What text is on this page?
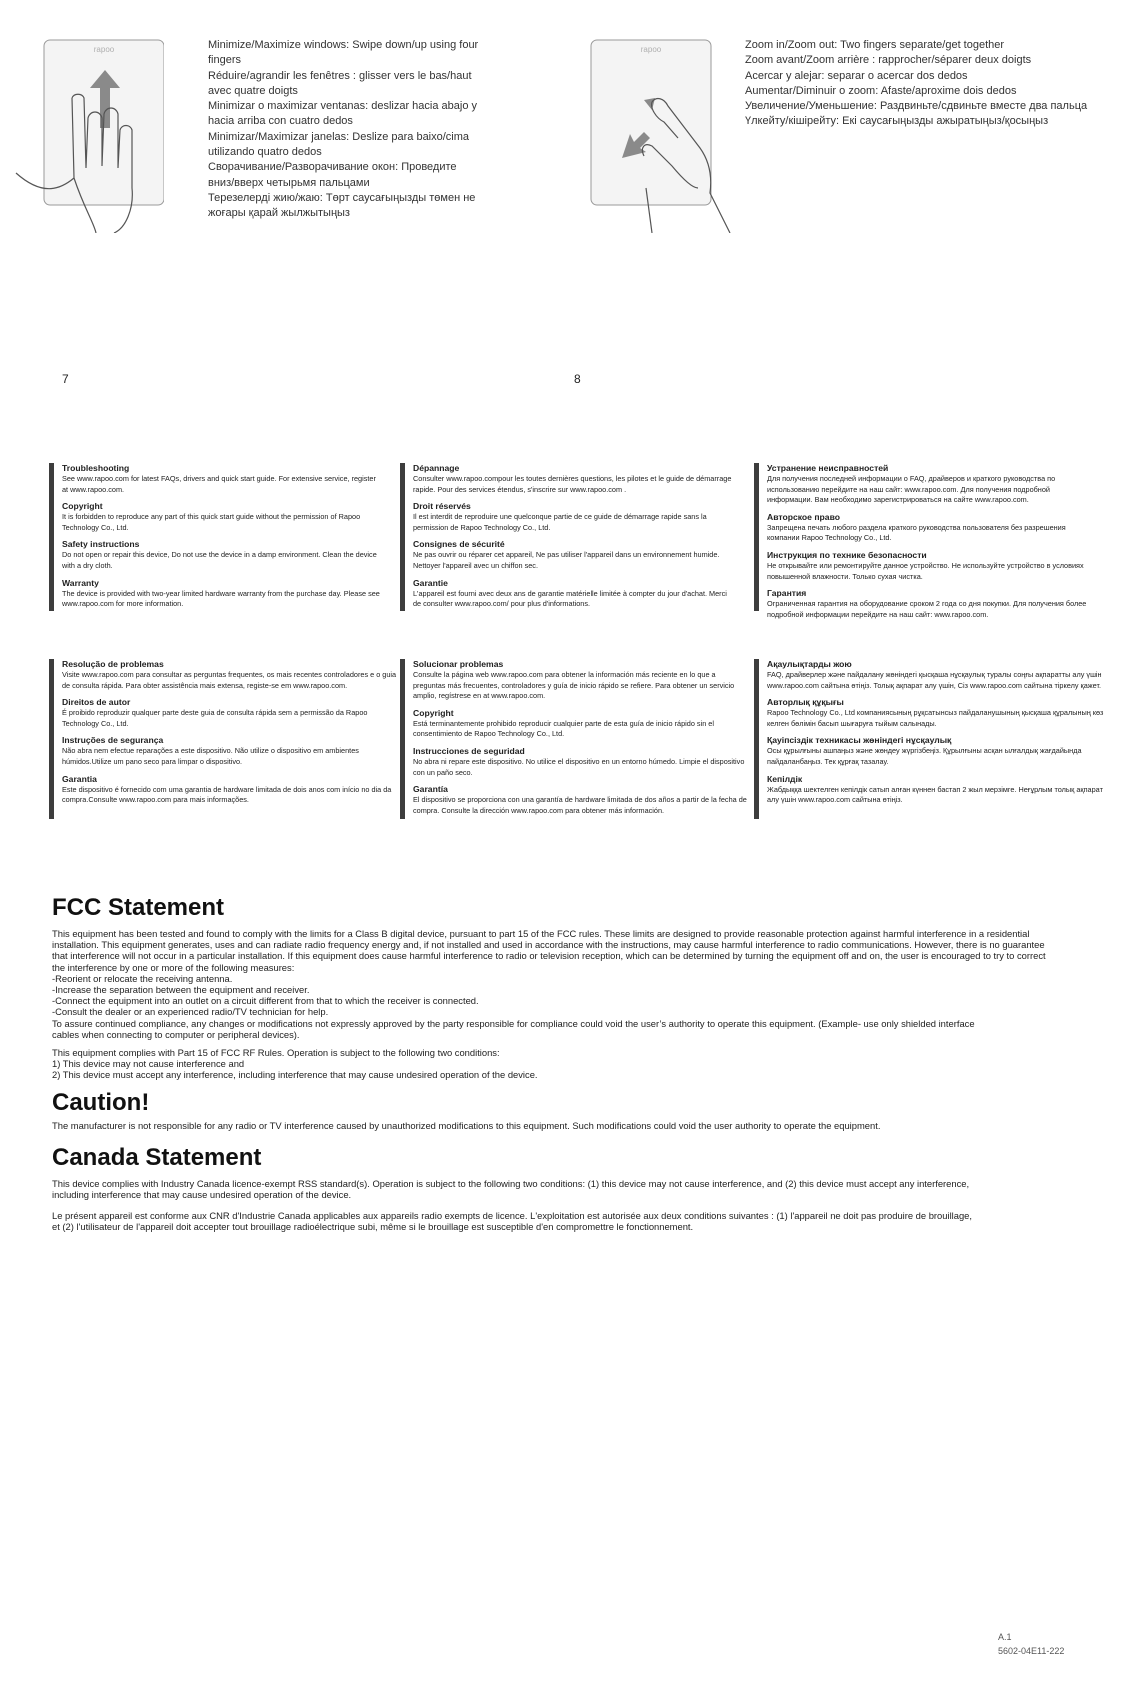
rapoo	Minimize/Maximize windows: Swipe down/up using four
fingers
Réduire/agrandir les fenêtres : glisser vers le bas/haut
avec quatre doigts
Minimizar o maximizar ventanas: deslizar hacia abajo y
hacia arriba con cuatro dedos
Minimizar/Maximizar janelas: Deslize para baixo/cima
utilizando quatro dedos
Сворачивание/Разворачивание окон: Проведите
вниз/вверх четырьмя пальцами
Терезелерді жию/жаю: Төрт саусағыңызды төмен не
жоғары қарай жылжытыңыз
7
rapoo	Zoom in/Zoom out: Two fingers separate/get together
Zoom avant/Zoom arrière : rapprocher/séparer deux doigts
Acercar y alejar: separar o acercar dos dedos
Aumentar/Diminuir o zoom: Afaste/aproxime dois dedos
Увеличение/Уменьшение: Раздвиньте/сдвиньте вместе два пальца
Үлкейту/кішірейту: Екі саусағыңызды ажыратыңыз/қосыңыз
8
Troubleshooting
See www.rapoo.com for latest FAQs, drivers and quick start guide. For extensive service, register at www.rapoo.com.
Copyright
It is forbidden to reproduce any part of this quick start guide without the permission of Rapoo Technology Co., Ltd.
Safety instructions
Do not open or repair this device, Do not use the device in a damp environment. Clean the device with a dry cloth.
Warranty
The device is provided with two-year limited hardware warranty from the purchase day. Please see www.rapoo.com for more information.
Dépannage
Consulter www.rapoo.compour les toutes dernières questions, les pilotes et le guide de démarrage rapide. Pour des services étendus, s'inscrire sur www.rapoo.com .
Droit réservés
Il est interdit de reproduire une quelconque partie de ce guide de démarrage rapide sans la permission de Rapoo Technology Co., Ltd.
Consignes de sécurité
Ne pas ouvrir ou réparer cet appareil, Ne pas utiliser l'appareil dans un environnement humide. Nettoyer l'appareil avec un chiffon sec.
Garantie
L'appareil est fourni avec deux ans de garantie matérielle limitée à compter du jour d'achat. Merci de consulter www.rapoo.com/ pour plus d'informations.
Устранение неисправностей
Для получения последней информации о FAQ, драйверов и краткого руководства по использованию перейдите на наш сайт: www.rapoo.com. Для получения подробной информации. Вам необходимо зарегистрироваться на сайте www.rapoo.com.
Авторское право
Запрещена печать любого раздела краткого руководства пользователя без разрешения компании Rapoo Technology Co., Ltd.
Инструкция по технике безопасности
Не открывайте или ремонтируйте данное устройство. Не используйте устройство в условиях повышенной влажности. Только сухая чистка.
Гарантия
Ограниченная гарантия на оборудование сроком 2 года со дня покупки. Для получения более подробной информации перейдите на наш сайт: www.rapoo.com.
Resolução de problemas
Visite www.rapoo.com para consultar as perguntas frequentes, os mais recentes controladores e o guia de consulta rápida. Para obter assistência mais extensa, registe-se em www.rapoo.com.
Direitos de autor
É proibido reproduzir qualquer parte deste guia de consulta rápida sem a permissão da Rapoo Technology Co., Ltd.
Instruções de segurança
Não abra nem efectue reparações a este dispositivo. Não utilize o dispositivo em ambientes húmidos.Utilize um pano seco para limpar o dispositivo.
Garantia
Este dispositivo é fornecido com uma garantia de hardware limitada de dois anos com início no dia da compra.Consulte www.rapoo.com para mais informações.
Solucionar problemas
Consulte la página web www.rapoo.com para obtener la información más reciente en lo que a preguntas más frecuentes, controladores y guía de inicio rápido se refiere. Para obtener un servicio amplio, regístrese en at www.rapoo.com.
Copyright
Está terminantemente prohibido reproducir cualquier parte de esta guía de inicio rápido sin el consentimiento de Rapoo Technology Co., Ltd.
Instrucciones de seguridad
No abra ni repare este dispositivo. No utilice el dispositivo en un entorno húmedo. Limpie el dispositivo con un paño seco.
Garantía
El dispositivo se proporciona con una garantía de hardware limitada de dos años a partir de la fecha de compra. Consulte la dirección www.rapoo.com para obtener más información.
Ақаулықтарды жою
FAQ, драйверлер және пайдалану жөніндегі қысқаша нұсқаулық туралы соңғы ақпаратты алу үшін www.rapoo.com сайтына өтіңіз. Толық ақпарат алу үшін, Сіз www.rapoo.com сайтына тіркелу қажет.
Авторлық құқығы
Rapoo Technology Co., Ltd компаниясының рұқсатынсыз пайдаланушының қысқаша құралының көз келген бөлімін басып шығаруға тыйым салынады.
Қауіпсіздік техникасы жөніндегі нұсқаулық
Осы құрылғыны ашпаңыз және жөндеу жүргізбеңіз. Құрылғыны асқан ылғалдық жағдайында пайдаланбаңыз. Тек құрғақ тазалау.
Кепілдік
Жабдыққа шектелген кепілдік сатып алған күннен бастап 2 жыл мерзімге. Неғұрлым толық ақпарат алу үшін www.rapoo.com сайтына өтіңіз.
FCC Statement
This equipment has been tested and found to comply with the limits for a Class B digital device, pursuant to part 15 of the FCC rules. These limits are designed to provide reasonable protection against harmful interference in a residential
installation. This equipment generates, uses and can radiate radio frequency energy and, if not installed and used in accordance with the instructions, may cause harmful interference to radio communications. However, there is no guarantee
that interference will not occur in a particular installation. If this equipment does cause harmful interference to radio or television reception, which can be determined by turning the equipment off and on, the user is encouraged to try to correct
the interference by one or more of the following measures:
-Reorient or relocate the receiving antenna.
-Increase the separation between the equipment and receiver.
-Connect the equipment into an outlet on a circuit different from that to which the receiver is connected.
-Consult the dealer or an experienced radio/TV technician for help.
To assure continued compliance, any changes or modifications not expressly approved by the party responsible for compliance could void the user’s authority to operate this equipment. (Example- use only shielded interface
cables when connecting to computer or peripheral devices).
This equipment complies with Part 15 of FCC RF Rules. Operation is subject to the following two conditions:
1) This device may not cause interference and
2) This device must accept any interference, including interference that may cause undesired operation of the device.
Caution!
The manufacturer is not responsible for any radio or TV interference caused by unauthorized modifications to this equipment. Such modifications could void the user authority to operate the equipment.
Canada Statement
This device complies with Industry Canada licence-exempt RSS standard(s). Operation is subject to the following two conditions: (1) this device may not cause interference, and (2) this device must accept any interference,
including interference that may cause undesired operation of the device.
Le présent appareil est conforme aux CNR d'Industrie Canada applicables aux appareils radio exempts de licence. L'exploitation est autorisée aux deux conditions suivantes : (1) l'appareil ne doit pas produire de brouillage,
et (2) l'utilisateur de l'appareil doit accepter tout brouillage radioélectrique subi, même si le brouillage est susceptible d'en compromettre le fonctionnement.
A.1
5602-04E11-222
